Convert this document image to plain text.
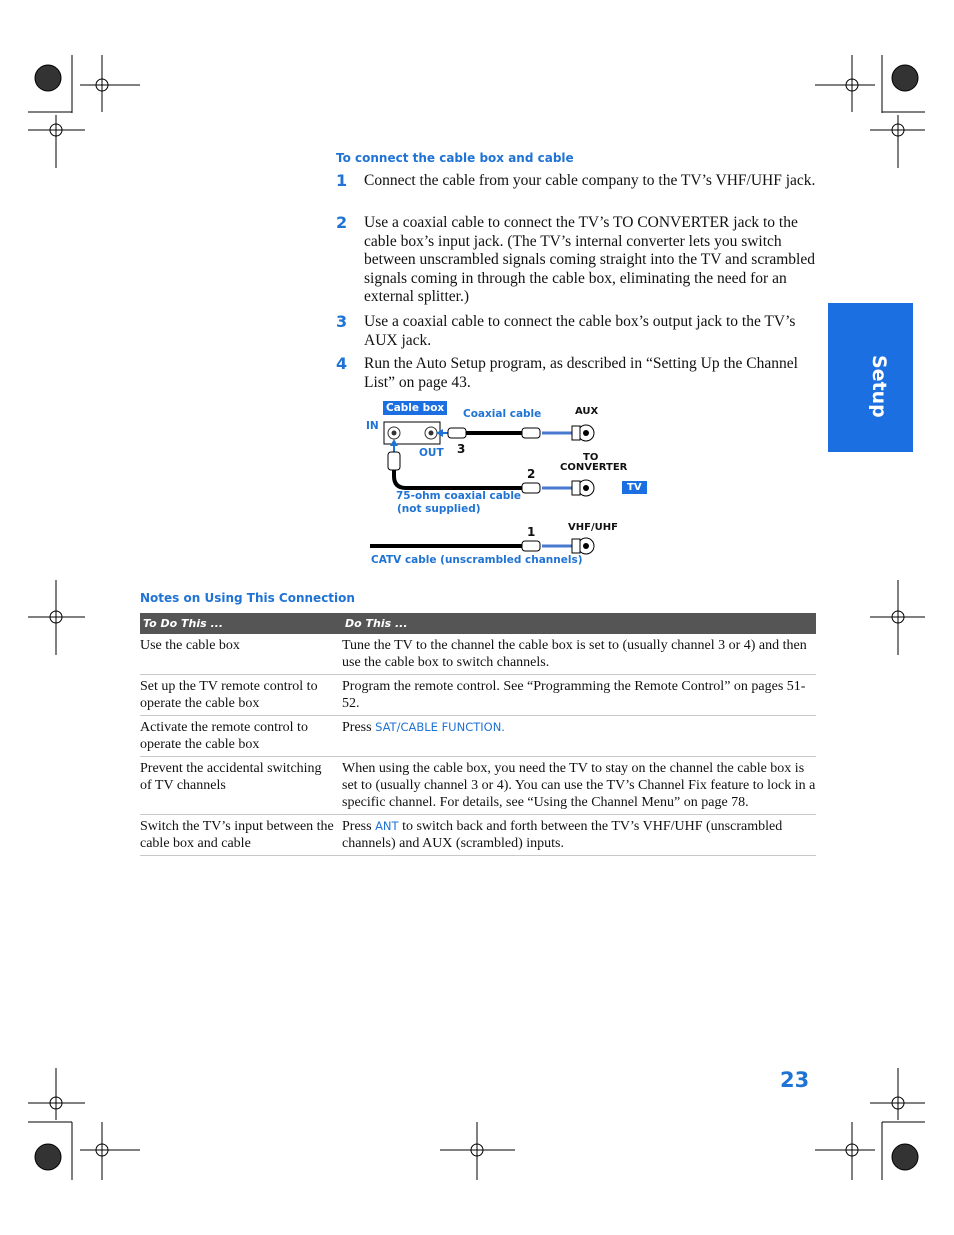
To connect the cable box and cable
1	Connect the cable from your cable company to the TV’s VHF/UHF jack.
2	Use a coaxial cable to connect the TV’s TO CONVERTER jack to the cable box’s input jack. (The TV’s internal converter lets you switch between unscrambled signals coming straight into the TV and scrambled signals coming in through the cable box, eliminating the need for an external splitter.)
3	Use a coaxial cable to connect the cable box’s output jack to the TV’s AUX jack.
4	Run the Auto Setup program, as described in “Setting Up the Channel List” on page 43.	Setup
Cable box
IN
OUT
Coaxial cable	AUX
3
2
1
TO
CONVERTER
TV
75-ohm coaxial cable
(not supplied)
VHF/UHF
CATV cable (unscrambled channels)
Notes on Using This Connection
To Do This ...	Do This ...
Use the cable box	Tune the TV to the channel the cable box is set to (usually channel 3 or 4) and then use the cable box to switch channels.
Set up the TV remote control to operate the cable box	Program the remote control. See “Programming the Remote Control” on pages 51-52.
Activate the remote control to operate the cable box	Press SAT/CABLE FUNCTION.
Prevent the accidental switching of TV channels	When using the cable box, you need the TV to stay on the channel the cable box is set to (usually channel 3 or 4). You can use the TV’s Channel Fix feature to lock in a specific channel. For details, see “Using the Channel Menu” on page 78.
Switch the TV’s input between the cable box and cable	Press ANT to switch back and forth between the TV’s VHF/UHF (unscrambled channels) and AUX (scrambled) inputs.
23
